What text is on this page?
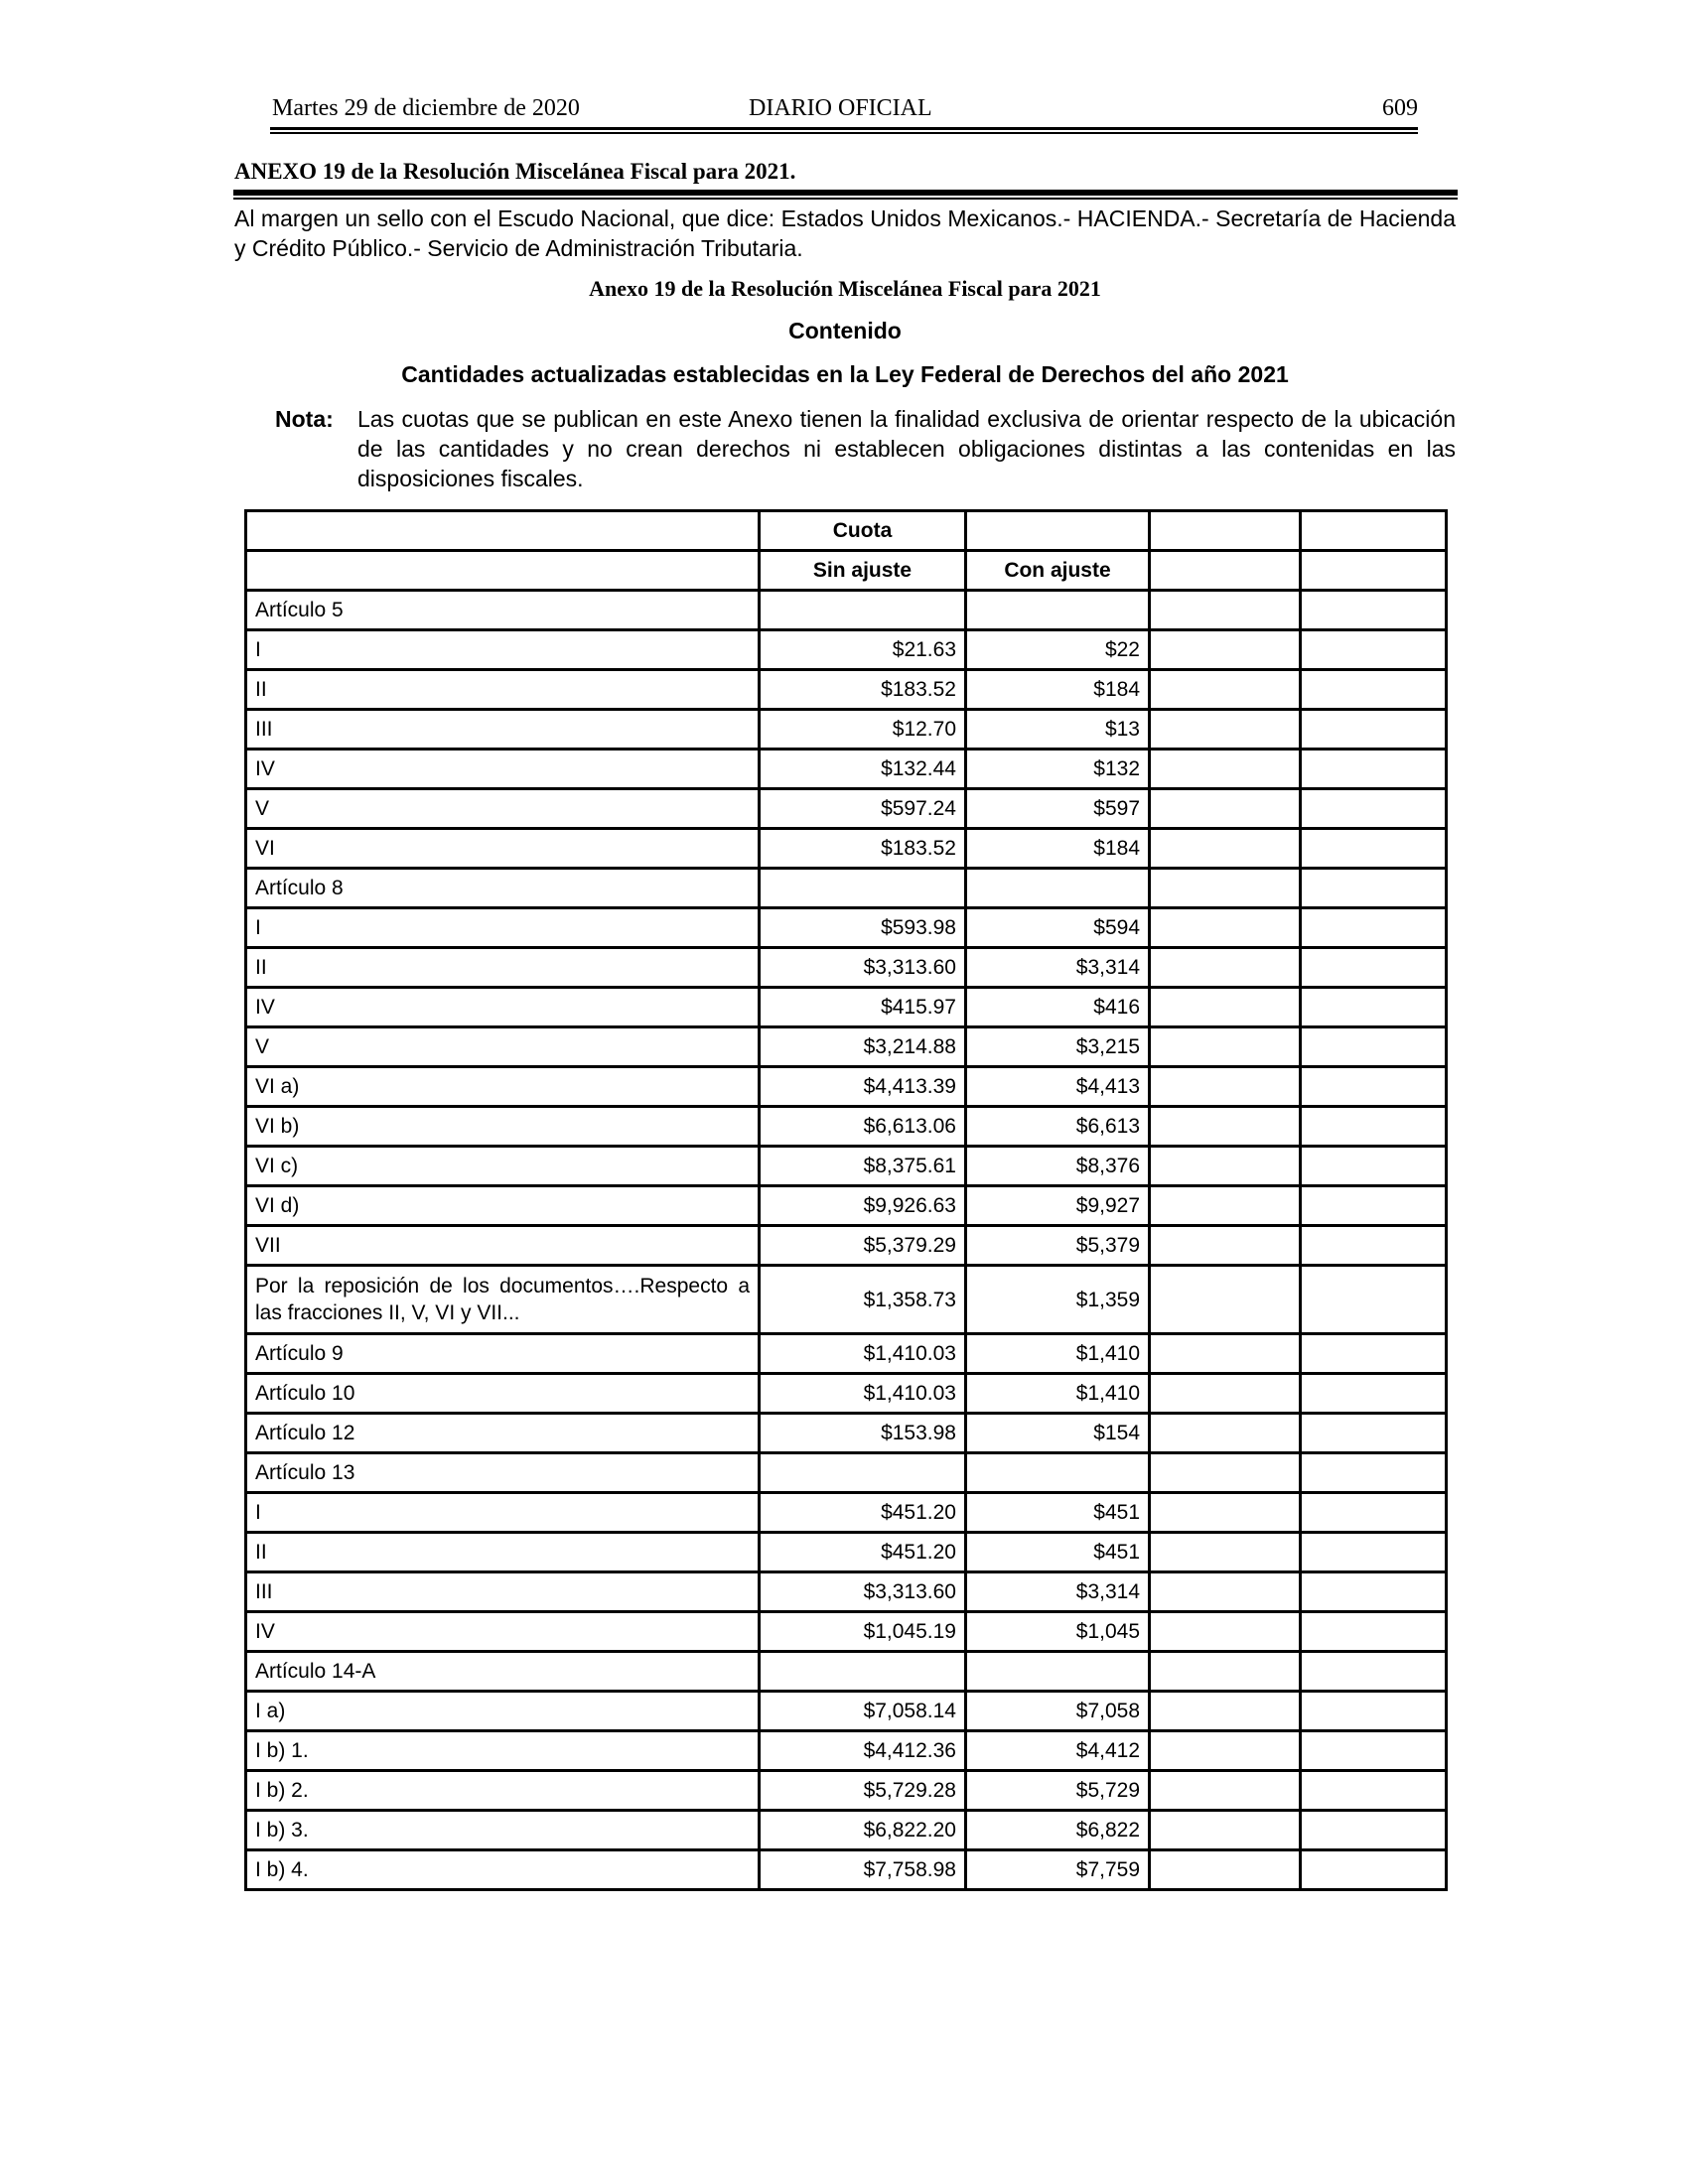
Martes 29 de diciembre de 2020	DIARIO OFICIAL	609
ANEXO 19 de la Resolución Miscelánea Fiscal para 2021.
Al margen un sello con el Escudo Nacional, que dice: Estados Unidos Mexicanos.- HACIENDA.- Secretaría de Hacienda y Crédito Público.- Servicio de Administración Tributaria.
Anexo 19 de la Resolución Miscelánea Fiscal para 2021
Contenido
Cantidades actualizadas establecidas en la Ley Federal de Derechos del año 2021
Nota: Las cuotas que se publican en este Anexo tienen la finalidad exclusiva de orientar respecto de la ubicación de las cantidades y no crean derechos ni establecen obligaciones distintas a las contenidas en las disposiciones fiscales.
	Cuota			
	Sin ajuste	Con ajuste		
Artículo 5				
I	$21.63	$22		
II	$183.52	$184		
III	$12.70	$13		
IV	$132.44	$132		
V	$597.24	$597		
VI	$183.52	$184		
Artículo 8				
I	$593.98	$594		
II	$3,313.60	$3,314		
IV	$415.97	$416		
V	$3,214.88	$3,215		
VI a)	$4,413.39	$4,413		
VI b)	$6,613.06	$6,613		
VI c)	$8,375.61	$8,376		
VI d)	$9,926.63	$9,927		
VII	$5,379.29	$5,379		
Por la reposición de los documentos….Respecto a las fracciones II, V, VI y VII...	$1,358.73	$1,359		
Artículo 9	$1,410.03	$1,410		
Artículo 10	$1,410.03	$1,410		
Artículo 12	$153.98	$154		
Artículo 13				
I	$451.20	$451		
II	$451.20	$451		
III	$3,313.60	$3,314		
IV	$1,045.19	$1,045		
Artículo 14-A				
I a)	$7,058.14	$7,058		
I b) 1.	$4,412.36	$4,412		
I b) 2.	$5,729.28	$5,729		
I b) 3.	$6,822.20	$6,822		
I b) 4.	$7,758.98	$7,759		
